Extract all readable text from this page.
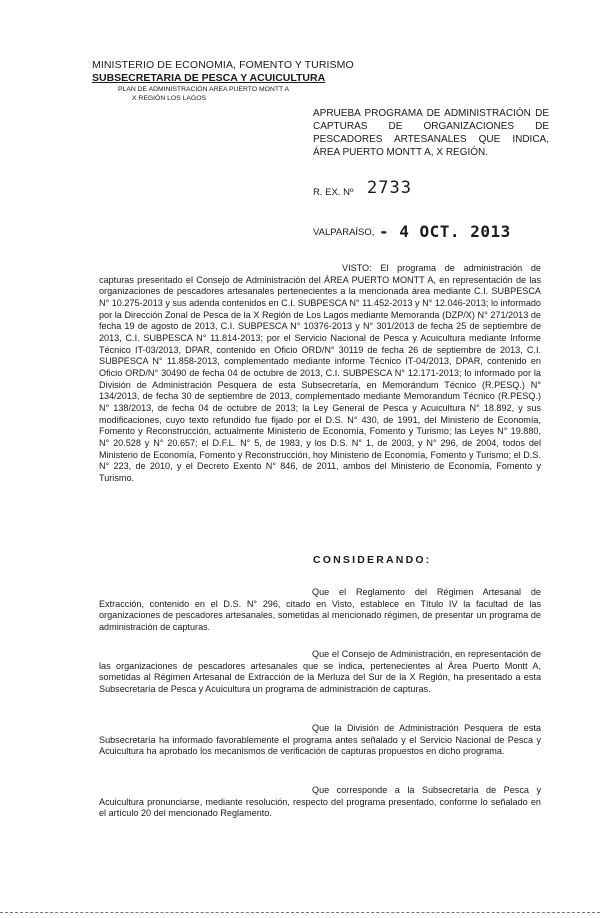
MINISTERIO DE ECONOMIA, FOMENTO Y TURISMO
SUBSECRETARIA DE PESCA Y ACUICULTURA
PLAN DE ADMINISTRACIÓN AREA PUERTO MONTT A
X REGIÓN LOS LAGOS
APRUEBA PROGRAMA DE ADMINISTRACIÓN DE CAPTURAS DE ORGANIZACIONES DE PESCADORES ARTESANALES QUE INDICA, ÁREA PUERTO MONTT A, X REGIÓN.
R. EX. Nº 2733
VALPARAÍSO, - 4 OCT. 2013
VISTO: El programa de administración de capturas presentado el Consejo de Administración del ÁREA PUERTO MONTT A, en representación de las organizaciones de pescadores artesanales pertenecientes a la mencionada área mediante C.I. SUBPESCA N° 10.275-2013 y sus adenda contenidos en C.I. SUBPESCA N° 11.452-2013 y N° 12.046-2013; lo informado por la Dirección Zonal de Pesca de la X Región de Los Lagos mediante Memoranda (DZP/X) N° 271/2013 de fecha 19 de agosto de 2013, C.I. SUBPESCA N° 10376-2013 y N° 301/2013 de fecha 25 de septiembre de 2013, C.I. SUBPESCA N° 11.814-2013; por el Servicio Nacional de Pesca y Acuicultura mediante Informe Técnico IT-03/2013, DPAR, contenido en Oficio ORD/N° 30119 de fecha 26 de septiembre de 2013, C.I. SUBPESCA N° 11.858-2013, complementado mediante informe Técnico IT-04/2013, DPAR, contenido en Oficio ORD/N° 30490 de fecha 04 de octubre de 2013, C.I. SUBPESCA N° 12.171-2013; lo informado por la División de Administración Pesquera de esta Subsecretaría, en Memorándum Técnico (R.PESQ.) N° 134/2013, de fecha 30 de septiembre de 2013, complementado mediante Memorandum Técnico (R.PESQ.) N° 138/2013, de fecha 04 de octubre de 2013; la Ley General de Pesca y Acuicultura N° 18.892, y sus modificaciones, cuyo texto refundido fue fijado por el D.S. N° 430, de 1991, del Ministerio de Economía, Fomento y Reconstrucción, actualmente Ministerio de Economía, Fomento y Turismo; las Leyes N° 19.880, N° 20.528 y N° 20.657; el D.F.L. N° 5, de 1983, y los D.S. N° 1, de 2003, y N° 296, de 2004, todos del Ministerio de Economía, Fomento y Reconstrucción, hoy Ministerio de Economía, Fomento y Turismo; el D.S. N° 223, de 2010, y el Decreto Exento N° 846, de 2011, ambos del Ministerio de Economía, Fomento y Turismo.
CONSIDERANDO:
Que el Reglamento del Régimen Artesanal de Extracción, contenido en el D.S. N° 296, citado en Visto, establece en Título IV la facultad de las organizaciones de pescadores artesanales, sometidas al mencionado régimen, de presentar un programa de administración de capturas.
Que el Consejo de Administración, en representación de las organizaciones de pescadores artesanales que se indica, pertenecientes al Área Puerto Montt A, sometidas al Régimen Artesanal de Extracción de la Merluza del Sur de la X Región, ha presentado a esta Subsecretaría de Pesca y Acuicultura un programa de administración de capturas.
Que la División de Administración Pesquera de esta Subsecretaría ha informado favorablemente el programa antes señalado y el Servicio Nacional de Pesca y Acuicultura ha aprobado los mecanismos de verificación de capturas propuestos en dicho programa.
Que corresponde a la Subsecretaría de Pesca y Acuicultura pronunciarse, mediante resolución, respecto del programa presentado, conforme lo señalado en el artículo 20 del mencionado Reglamento.
